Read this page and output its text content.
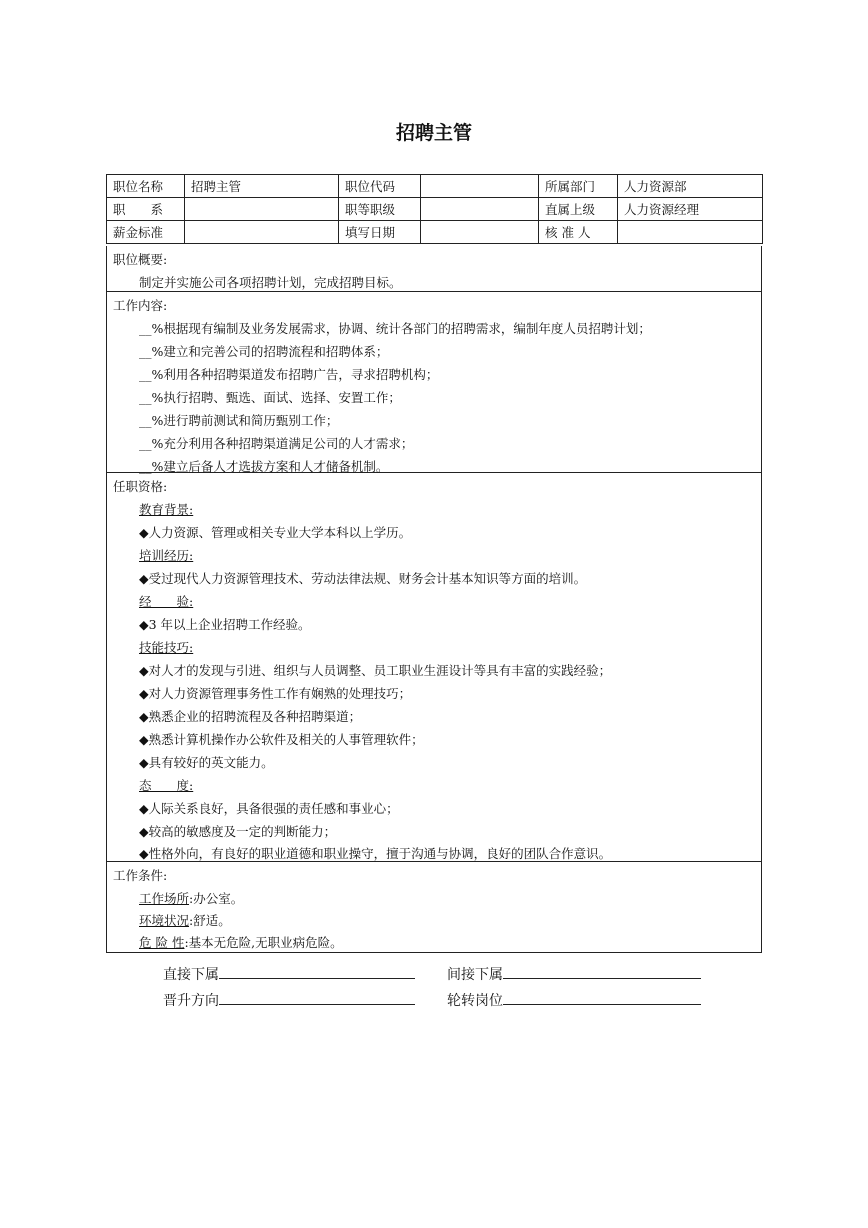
招聘主管
职位名称	招聘主管	职位代码		所属部门	人力资源部
职　　系		职等职级		直属上级	人力资源经理
薪金标准		填写日期		核 准 人	
职位概要:
制定并实施公司各项招聘计划，完成招聘目标。
工作内容:
__%根据现有编制及业务发展需求，协调、统计各部门的招聘需求，编制年度人员招聘计划；
__%建立和完善公司的招聘流程和招聘体系；
__%利用各种招聘渠道发布招聘广告，寻求招聘机构；
__%执行招聘、甄选、面试、选择、安置工作；
__%进行聘前测试和简历甄别工作；
__%充分利用各种招聘渠道满足公司的人才需求；
__%建立后备人才选拔方案和人才储备机制。
任职资格:
教育背景:
◆人力资源、管理或相关专业大学本科以上学历。
培训经历:
◆受过现代人力资源管理技术、劳动法律法规、财务会计基本知识等方面的培训。
经　　验:
◆3 年以上企业招聘工作经验。
技能技巧:
◆对人才的发现与引进、组织与人员调整、员工职业生涯设计等具有丰富的实践经验；
◆对人力资源管理事务性工作有娴熟的处理技巧；
◆熟悉企业的招聘流程及各种招聘渠道；
◆熟悉计算机操作办公软件及相关的人事管理软件；
◆具有较好的英文能力。
态　　度:
◆人际关系良好，具备很强的责任感和事业心；
◆较高的敏感度及一定的判断能力；
◆性格外向，有良好的职业道德和职业操守，擅于沟通与协调，良好的团队合作意识。
工作条件:
工作场所:办公室。
环境状况:舒适。
危 险 性:基本无危险,无职业病危险。
直接下属	间接下属
晋升方向	轮转岗位
